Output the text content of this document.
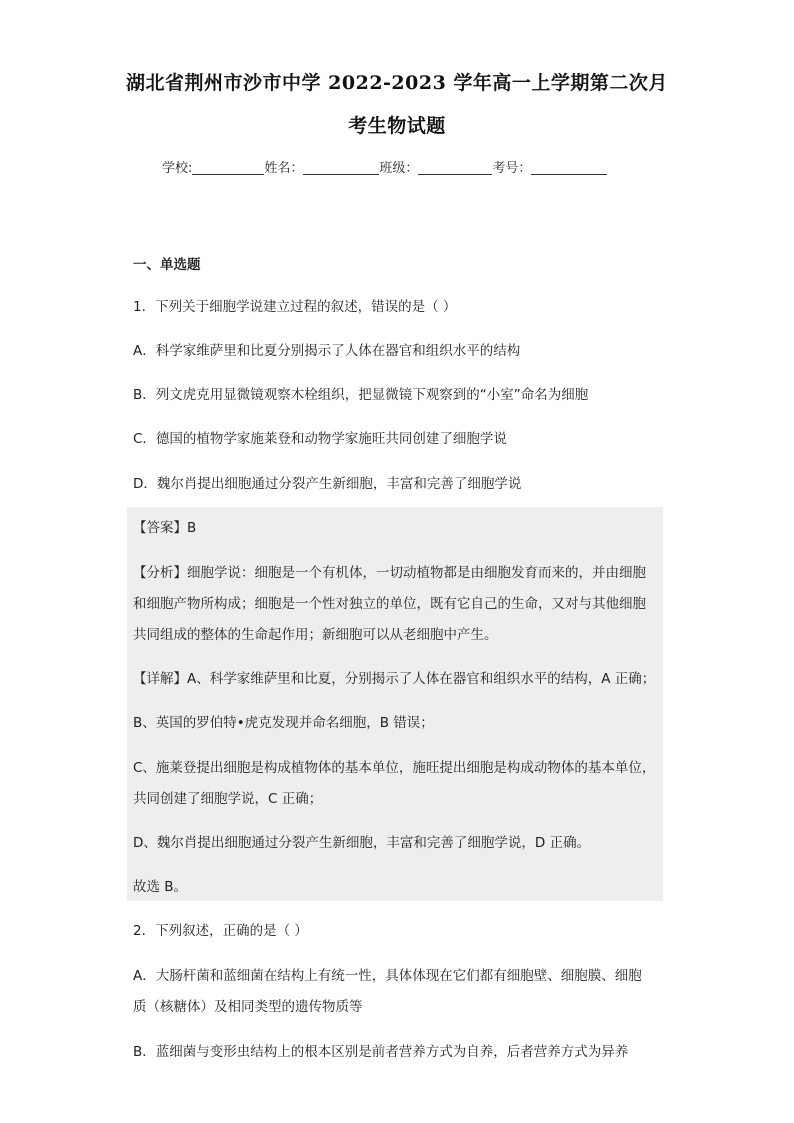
湖北省荆州市沙市中学 2022-2023 学年高一上学期第二次月
考生物试题
学校:	姓名：	班级：	考号：
一、单选题
1．下列关于细胞学说建立过程的叙述，错误的是（ ）
A．科学家维萨里和比夏分别揭示了人体在器官和组织水平的结构
B．列文虎克用显微镜观察木栓组织，把显微镜下观察到的“小室”命名为细胞
C．德国的植物学家施莱登和动物学家施旺共同创建了细胞学说
D．魏尔肖提出细胞通过分裂产生新细胞，丰富和完善了细胞学说
【答案】B
【分析】细胞学说：细胞是一个有机体，一切动植物都是由细胞发育而来的，并由细胞
和细胞产物所构成；细胞是一个性对独立的单位，既有它自己的生命，又对与其他细胞
共同组成的整体的生命起作用；新细胞可以从老细胞中产生。
【详解】A、科学家维萨里和比夏，分别揭示了人体在器官和组织水平的结构，A 正确；
B、英国的罗伯特•虎克发现并命名细胞，B 错误；
C、施莱登提出细胞是构成植物体的基本单位，施旺提出细胞是构成动物体的基本单位，
共同创建了细胞学说，C 正确；
D、魏尔肖提出细胞通过分裂产生新细胞，丰富和完善了细胞学说，D 正确。
故选 B。
2．下列叙述，正确的是（ ）
A．大肠杆菌和蓝细菌在结构上有统一性，具体体现在它们都有细胞壁、细胞膜、细胞
质（核糖体）及相同类型的遗传物质等
B．蓝细菌与变形虫结构上的根本区别是前者营养方式为自养，后者营养方式为异养
